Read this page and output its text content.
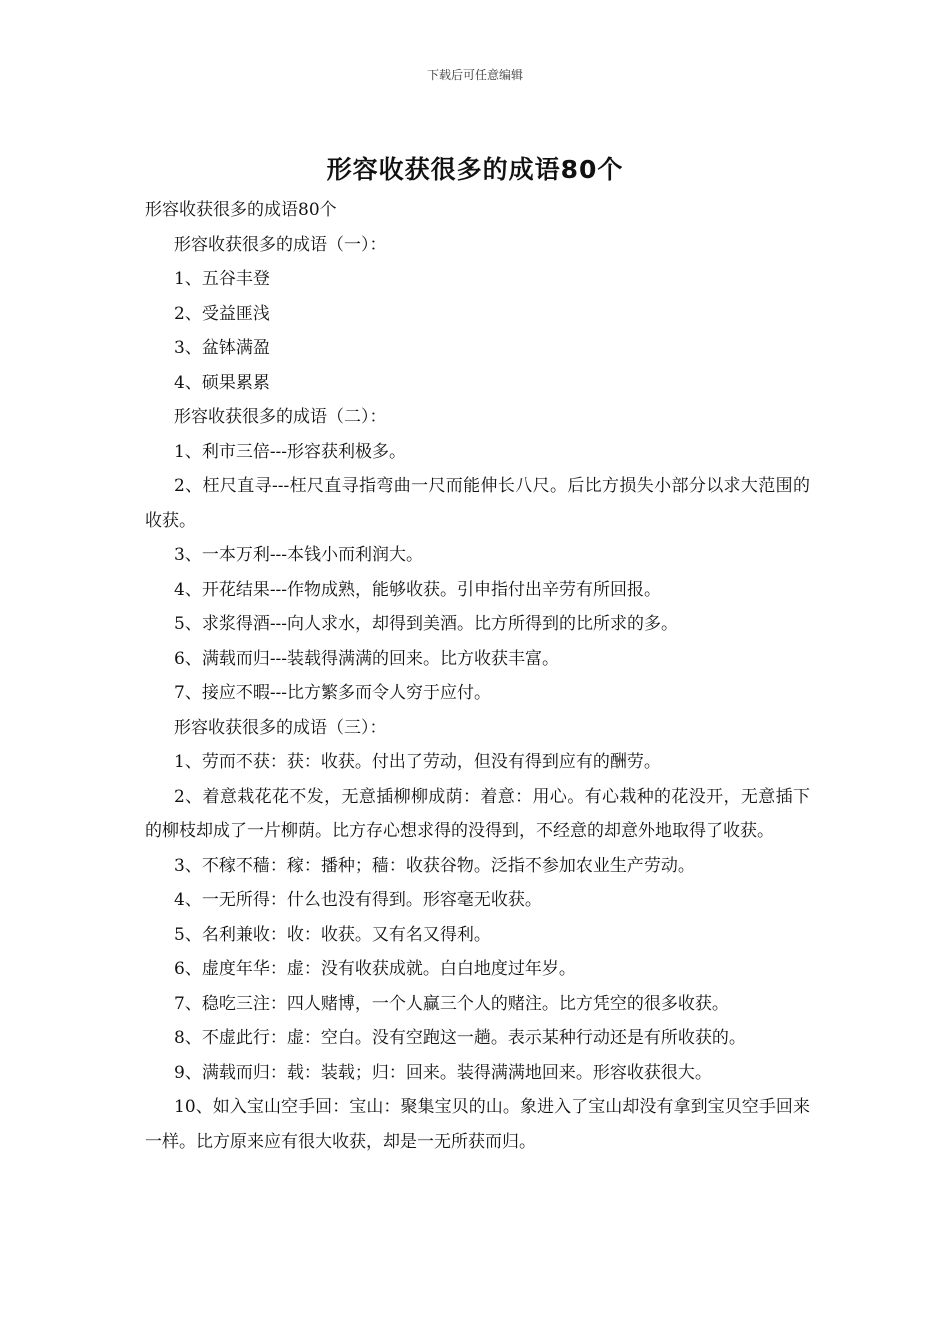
下载后可任意编辑
形容收获很多的成语80个

形容收获很多的成语80个

形容收获很多的成语（一）：

1、五谷丰登

2、受益匪浅

3、盆钵满盈

4、硕果累累

形容收获很多的成语（二）：

1、利市三倍---形容获利极多。

2、枉尺直寻---枉尺直寻指弯曲一尺而能伸长八尺。后比方损失小部分以求大范围的收获。

3、一本万利---本钱小而利润大。

4、开花结果---作物成熟，能够收获。引申指付出辛劳有所回报。

5、求浆得酒---向人求水，却得到美酒。比方所得到的比所求的多。

6、满载而归---装载得满满的回来。比方收获丰富。

7、接应不暇---比方繁多而令人穷于应付。

形容收获很多的成语（三）：

1、劳而不获：获：收获。付出了劳动，但没有得到应有的酬劳。

2、着意栽花花不发，无意插柳柳成荫：着意：用心。有心栽种的花没开，无意插下的柳枝却成了一片柳荫。比方存心想求得的没得到，不经意的却意外地取得了收获。

3、不稼不穑：稼：播种；穑：收获谷物。泛指不参加农业生产劳动。

4、一无所得：什么也没有得到。形容毫无收获。

5、名利兼收：收：收获。又有名又得利。

6、虚度年华：虚：没有收获成就。白白地度过年岁。

7、稳吃三注：四人赌博，一个人赢三个人的赌注。比方凭空的很多收获。

8、不虚此行：虚：空白。没有空跑这一趟。表示某种行动还是有所收获的。

9、满载而归：载：装载；归：回来。装得满满地回来。形容收获很大。

10、如入宝山空手回：宝山：聚集宝贝的山。象进入了宝山却没有拿到宝贝空手回来一样。比方原来应有很大收获，却是一无所获而归。
